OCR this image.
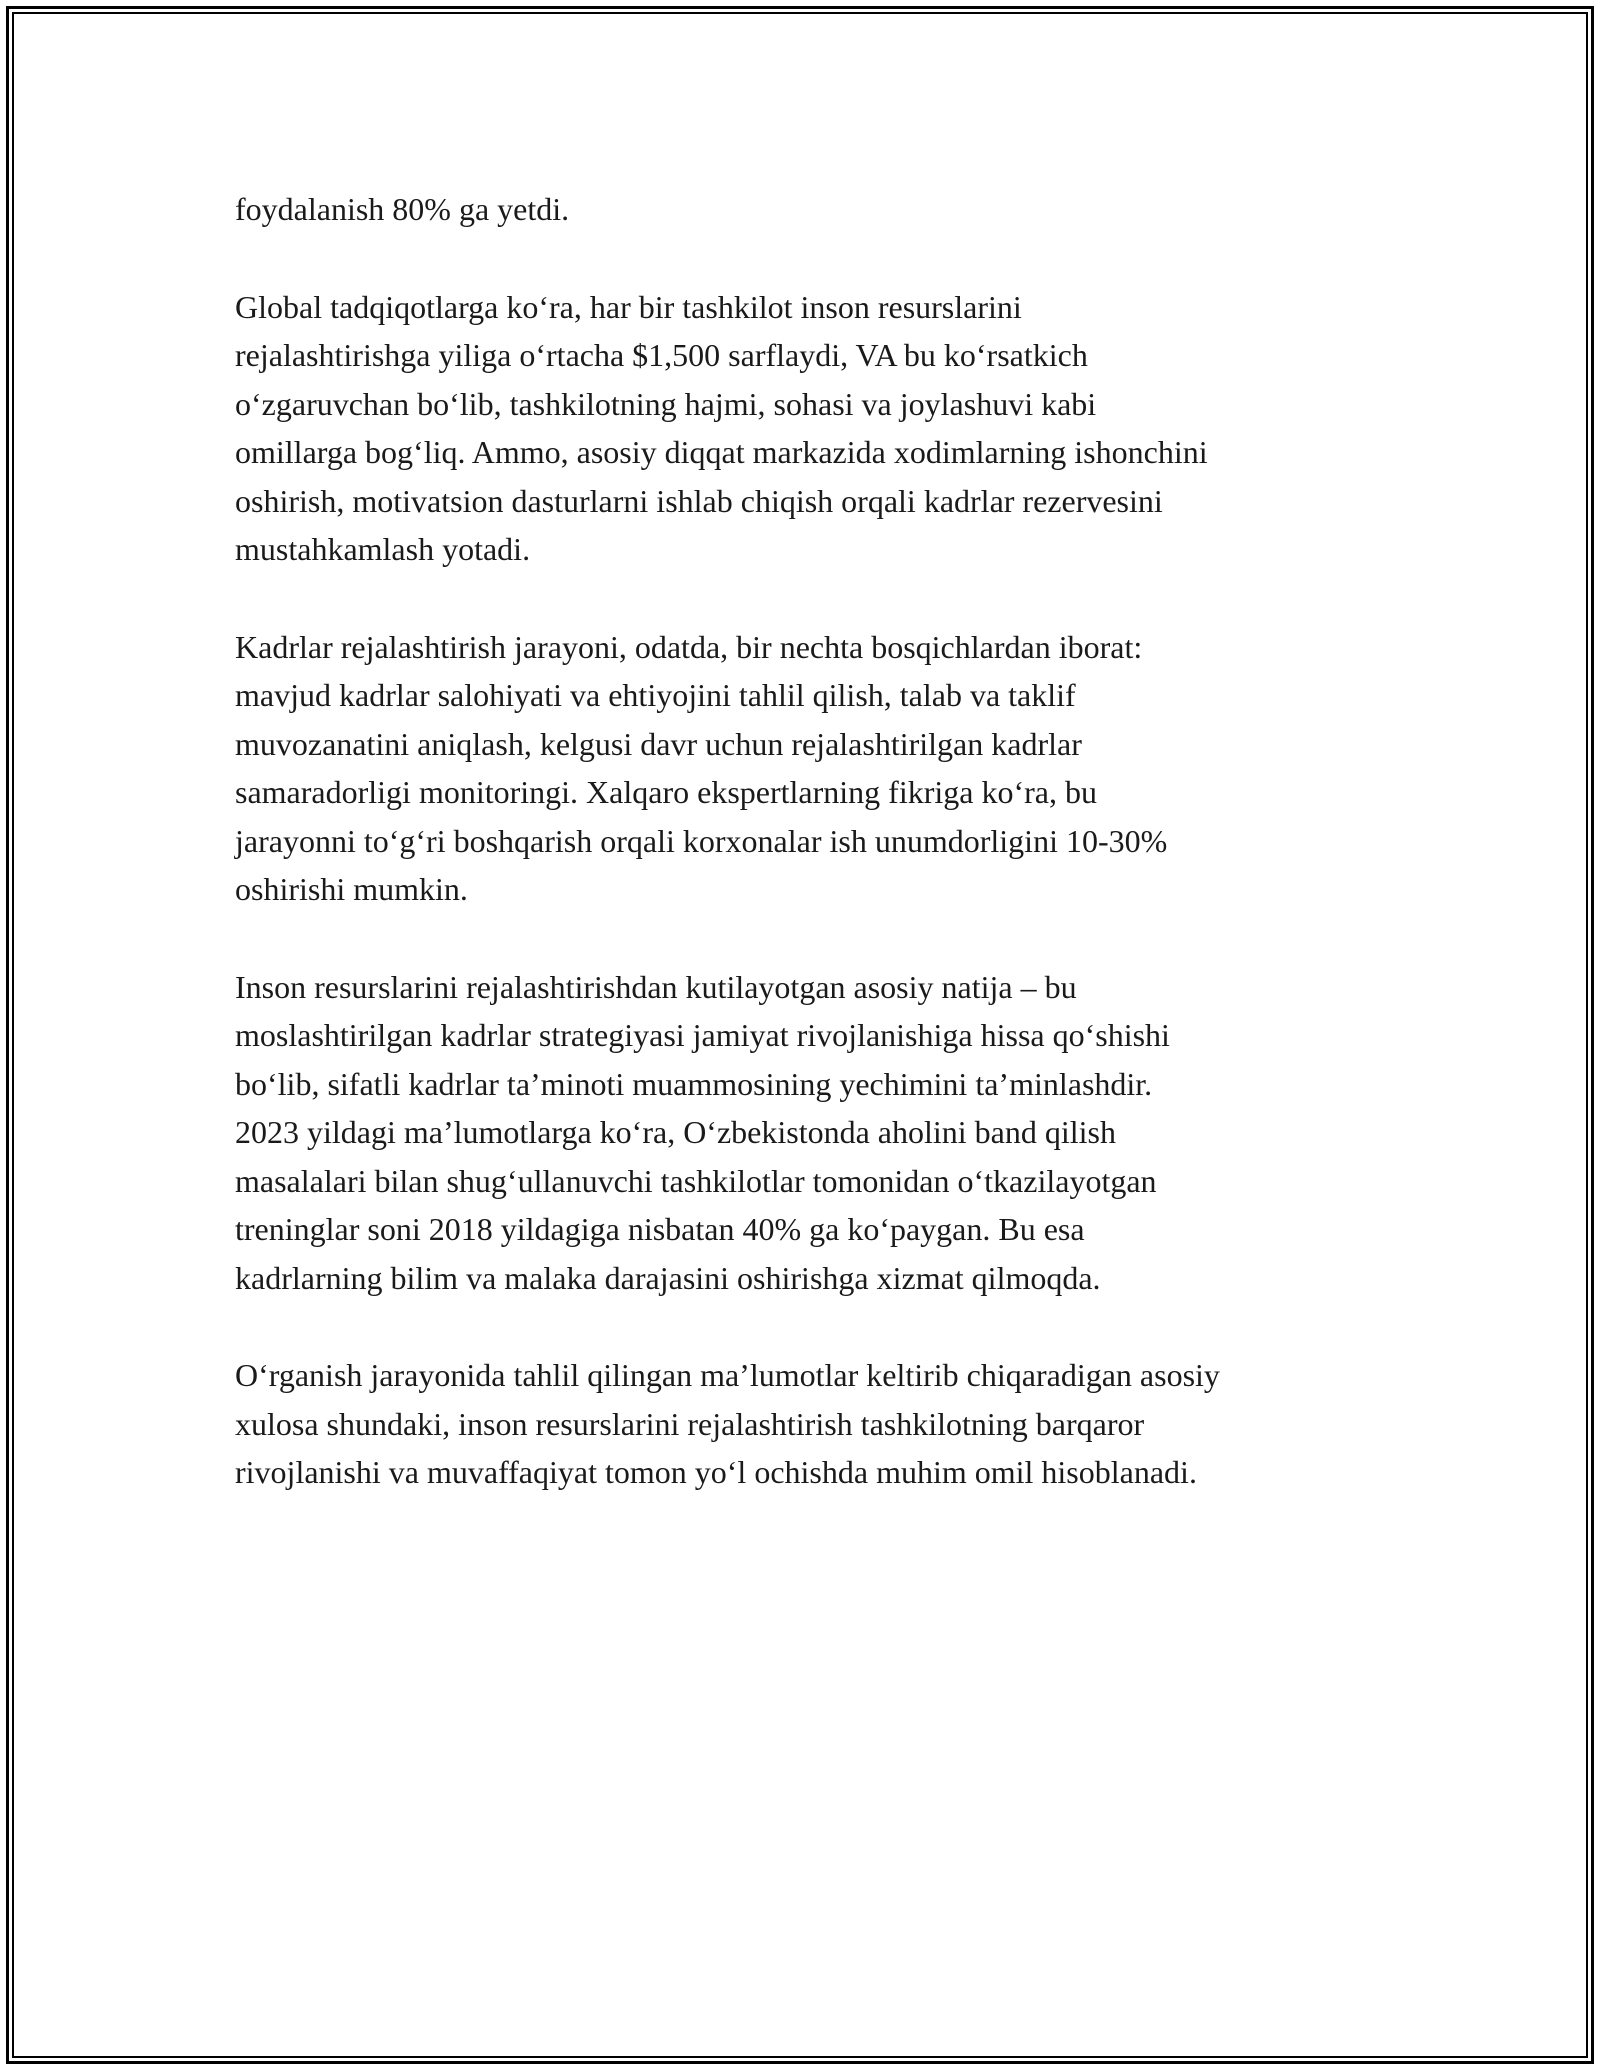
foydalanish 80% ga yetdi.

Global tadqiqotlarga ko‘ra, har bir tashkilot inson resurslarini
rejalashtirishga yiliga o‘rtacha $1,500 sarflaydi, VA bu ko‘rsatkich
o‘zgaruvchan bo‘lib, tashkilotning hajmi, sohasi va joylashuvi kabi
omillarga bog‘liq. Ammo, asosiy diqqat markazida xodimlarning ishonchini
oshirish, motivatsion dasturlarni ishlab chiqish orqali kadrlar rezervesini
mustahkamlash yotadi.

Kadrlar rejalashtirish jarayoni, odatda, bir nechta bosqichlardan iborat:
mavjud kadrlar salohiyati va ehtiyojini tahlil qilish, talab va taklif
muvozanatini aniqlash, kelgusi davr uchun rejalashtirilgan kadrlar
samaradorligi monitoringi. Xalqaro ekspertlarning fikriga ko‘ra, bu
jarayonni to‘g‘ri boshqarish orqali korxonalar ish unumdorligini 10-30%
oshirishi mumkin.

Inson resurslarini rejalashtirishdan kutilayotgan asosiy natija – bu
moslashtirilgan kadrlar strategiyasi jamiyat rivojlanishiga hissa qo‘shishi
bo‘lib, sifatli kadrlar ta’minoti muammosining yechimini ta’minlashdir.
2023 yildagi ma’lumotlarga ko‘ra, O‘zbekistonda aholini band qilish
masalalari bilan shug‘ullanuvchi tashkilotlar tomonidan o‘tkazilayotgan
treninglar soni 2018 yildagiga nisbatan 40% ga ko‘paygan. Bu esa
kadrlarning bilim va malaka darajasini oshirishga xizmat qilmoqda.

O‘rganish jarayonida tahlil qilingan ma’lumotlar keltirib chiqaradigan asosiy
xulosa shundaki, inson resurslarini rejalashtirish tashkilotning barqaror
rivojlanishi va muvaffaqiyat tomon yo‘l ochishda muhim omil hisoblanadi.
